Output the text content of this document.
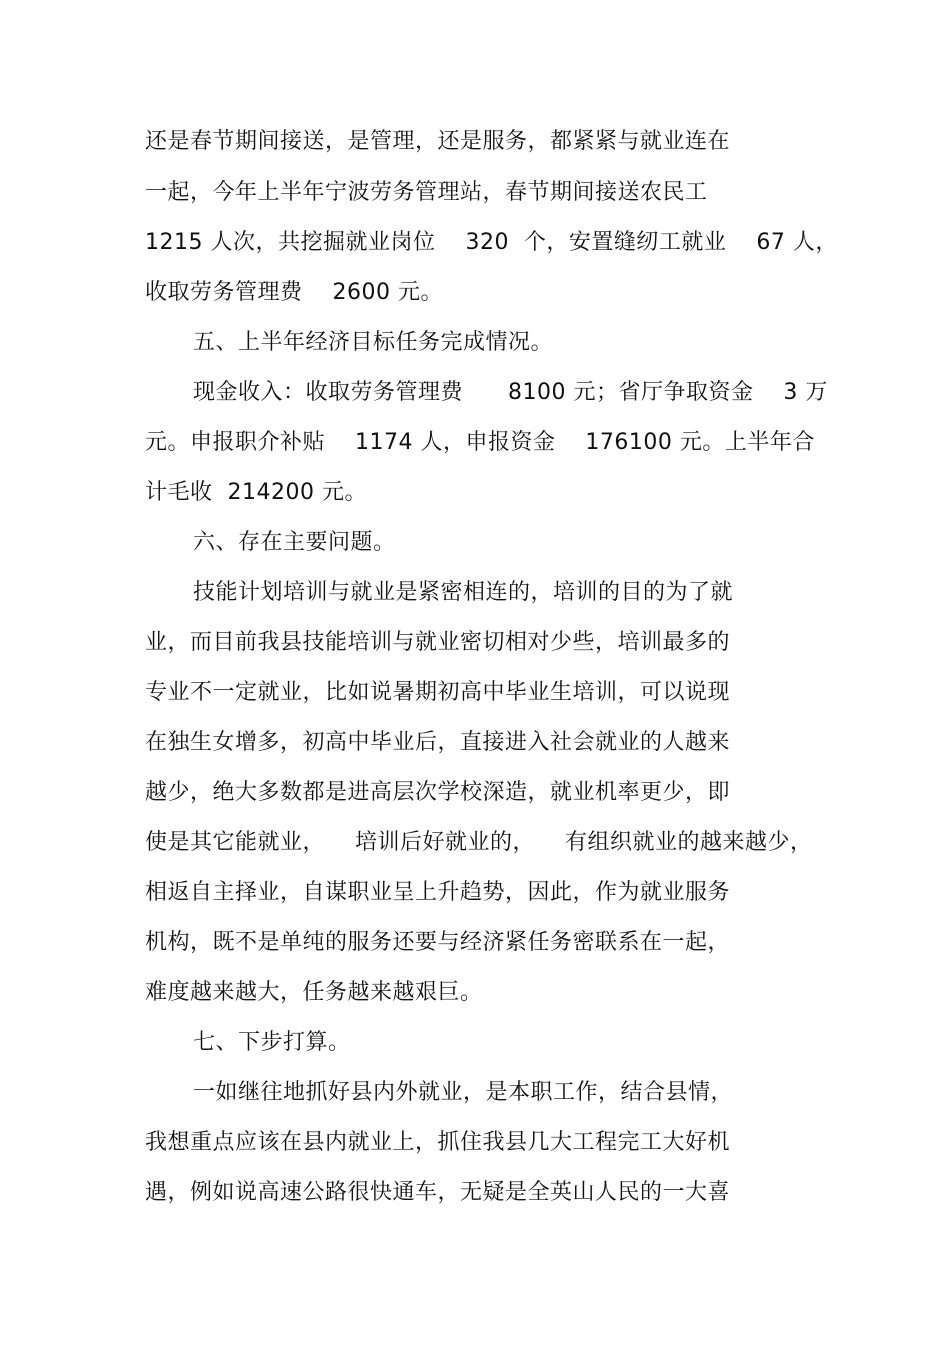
还是春节期间接送，是管理，还是服务，都紧紧与就业连在
一起，今年上半年宁波劳务管理站，春节期间接送农民工
1215 人次，共挖掘就业岗位    320  个，安置缝纫工就业    67 人，
收取劳务管理费    2600 元。
五、上半年经济目标任务完成情况。
现金收入：收取劳务管理费      8100 元；省厅争取资金    3 万
元。申报职介补贴    1174 人，申报资金    176100 元。上半年合
计毛收  214200 元。
六、存在主要问题。
技能计划培训与就业是紧密相连的，培训的目的为了就
业，而目前我县技能培训与就业密切相对少些，培训最多的
专业不一定就业，比如说暑期初高中毕业生培训，可以说现
在独生女增多，初高中毕业后，直接进入社会就业的人越来
越少，绝大多数都是进高层次学校深造，就业机率更少，即
使是其它能就业，    培训后好就业的，    有组织就业的越来越少，
相返自主择业，自谋职业呈上升趋势，因此，作为就业服务
机构，既不是单纯的服务还要与经济紧任务密联系在一起，
难度越来越大，任务越来越艰巨。
七、下步打算。
一如继往地抓好县内外就业，是本职工作，结合县情，
我想重点应该在县内就业上，抓住我县几大工程完工大好机
遇，例如说高速公路很快通车，无疑是全英山人民的一大喜
